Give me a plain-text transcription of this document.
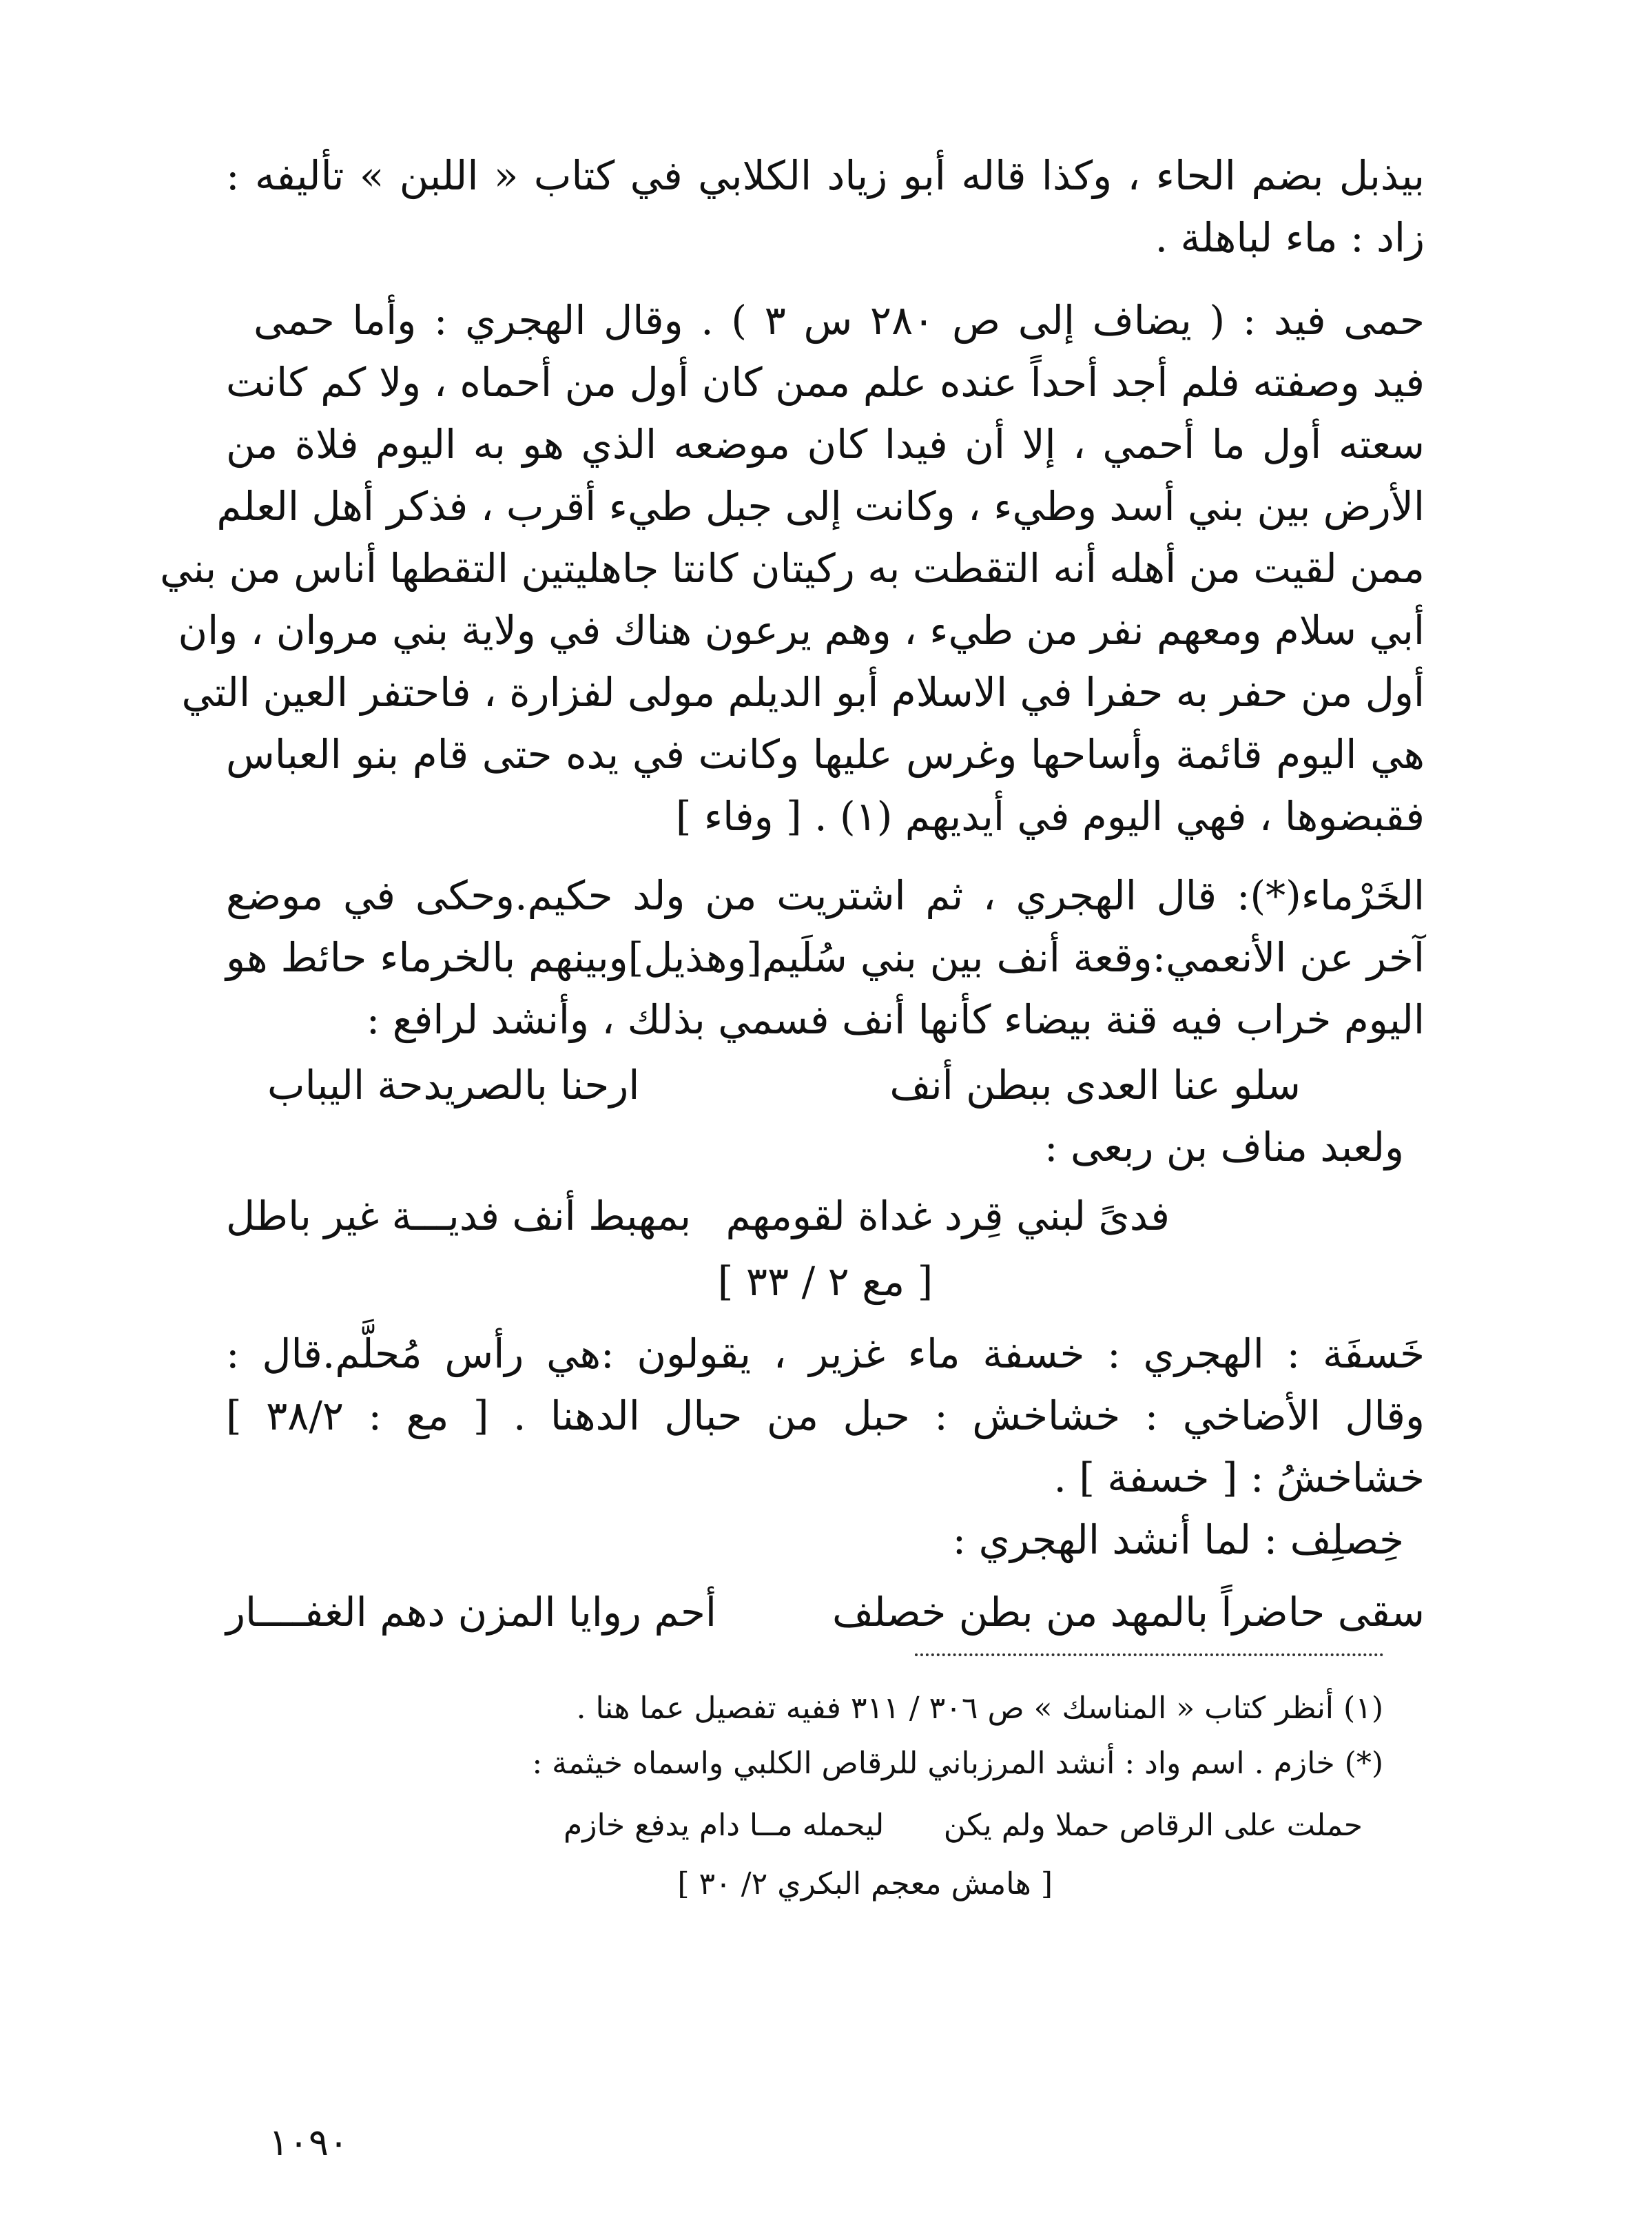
بيذبل بضم الحاء ، وكذا قاله أبو زياد الكلابي في كتاب « اللبن » تأليفه :
زاد : ماء لباهلة .
حمى فيد : ( يضاف إلى ص ٢٨٠ س ٣ ) . وقال الهجري : وأما حمى
فيد وصفته فلم أجد أحداً عنده علم ممن كان أول من أحماه ، ولا كم كانت
سعته أول ما أحمي ، إلا أن فيدا كان موضعه الذي هو به اليوم فلاة من
الأرض بين بني أسد وطيء ، وكانت إلى جبل طيء أقرب ، فذكر أهل العلم
ممن لقيت من أهله أنه التقطت به ركيتان كانتا جاهليتين التقطها أناس من بني
أبي سلام ومعهم نفر من طيء ، وهم يرعون هناك في ولاية بني مروان ، وان
أول من حفر به حفرا في الاسلام أبو الديلم مولى لفزارة ، فاحتفر العين التي
هي اليوم قائمة وأساحها وغرس عليها وكانت في يده حتى قام بنو العباس
فقبضوها ، فهي اليوم في أيديهم (١) . [ وفاء ]
الخَرْماء(*): قال الهجري ، ثم اشتريت من ولد حكيم.وحكى في موضع
آخر عن الأنعمي:وقعة أنف بين بني سُلَيم[وهذيل]وبينهم بالخرماء حائط هو
اليوم خراب فيه قنة بيضاء كأنها أنف فسمي بذلك ، وأنشد لرافع :
سلو عنا العدى ببطن أنف
ارحنا بالصريدحة اليباب
ولعبد مناف بن ربعى :
فدىً لبني قِرد غداة لقومهم
بمهبط أنف فديـــة غير باطل
[ مع ٢ / ٣٣ ]
خَسفَة : الهجري : خسفة ماء غزير ، يقولون :هي رأس مُحلَّم.قال :
وقال الأضاخي : خشاخش : حبل من حبال الدهنا . [ مع : ٣٨/٢ ]
خشاخشُ : [ خسفة ] .
خِصلِف : لما أنشد الهجري :
سقى حاضراً بالمهد من بطن خصلف
أحم روايا المزن دهم الغفــــار
(١) أنظر كتاب « المناسك » ص ٣٠٦ / ٣١١ ففيه تفصيل عما هنا .
(*) خازم . اسم واد : أنشد المرزباني للرقاص الكلبي واسماه خيثمة :
حملت على الرقاص حملا ولم يكن
ليحمله مــا دام يدفع خازم
[ هامش معجم البكري ٢/ ٣٠ ]
١٠٩٠
